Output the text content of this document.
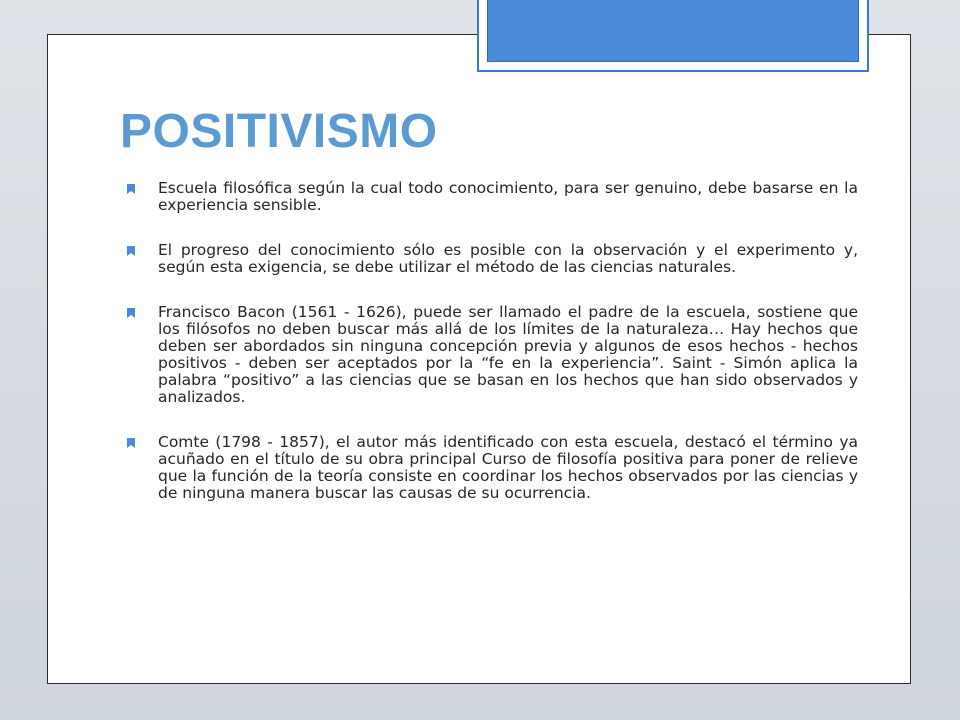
POSITIVISMO
Escuela filosófica según la cual todo conocimiento, para ser genuino, debe basarse en la experiencia sensible.
El progreso del conocimiento sólo es posible con la observación y el experimento y, según esta exigencia, se debe utilizar el método de las ciencias naturales.
Francisco Bacon (1561 - 1626), puede ser llamado el padre de la escuela, sostiene que los filósofos no deben buscar más allá de los límites de la naturaleza… Hay hechos que deben ser abordados sin ninguna concepción previa y algunos de esos hechos - hechos positivos - deben ser aceptados por la “fe en la experiencia”. Saint - Simón aplica la palabra “positivo” a las ciencias que se basan en los hechos que han sido observados y analizados.
Comte (1798 - 1857), el autor más identificado con esta escuela, destacó el término ya acuñado en el título de su obra principal Curso de filosofía positiva para poner de relieve que la función de la teoría consiste en coordinar los hechos observados por las ciencias y de ninguna manera buscar las causas de su ocurrencia.
